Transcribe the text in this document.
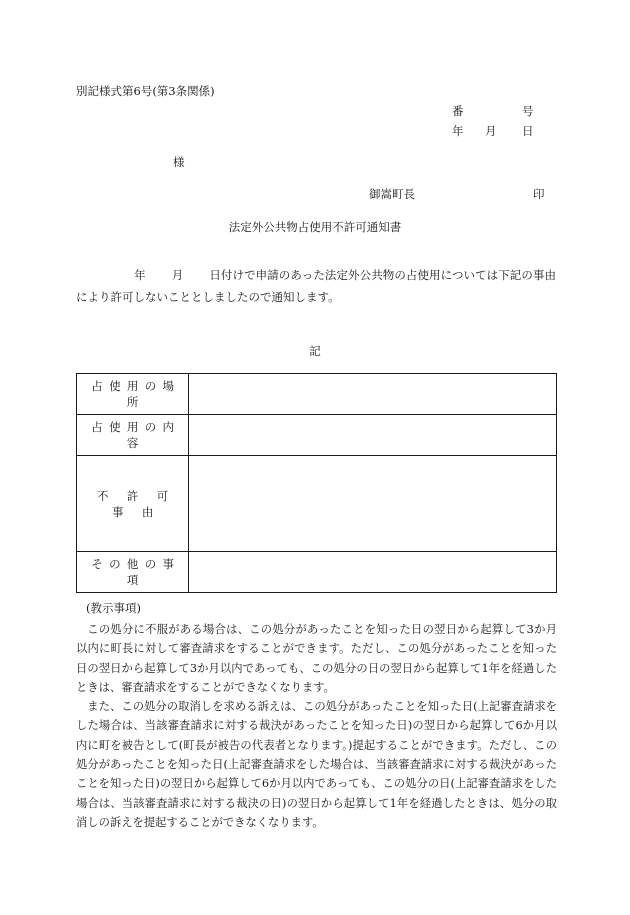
別記様式第6号(第3条関係)
番	号
年 月 日
様
御嵩町長	印
法定外公共物占使用不許可通知書
年 月 日付けで申請のあった法定外公共物の占使用については下記の事由により許可しないこととしましたので通知します。
記
占使用の場所	
占使用の内容	
不許可事由	
その他の事項	
(教示事項)

この処分に不服がある場合は、この処分があったことを知った日の翌日から起算して3か月以内に町長に対して審査請求をすることができます。ただし、この処分があったことを知った日の翌日から起算して3か月以内であっても、この処分の日の翌日から起算して1年を経過したときは、審査請求をすることができなくなります。

また、この処分の取消しを求める訴えは、この処分があったことを知った日(上記審査請求をした場合は、当該審査請求に対する裁決があったことを知った日)の翌日から起算して6か月以内に町を被告として(町長が被告の代表者となります。)提起することができます。ただし、この処分があったことを知った日(上記審査請求をした場合は、当該審査請求に対する裁決があったことを知った日)の翌日から起算して6か月以内であっても、この処分の日(上記審査請求をした場合は、当該審査請求に対する裁決の日)の翌日から起算して1年を経過したときは、処分の取消しの訴えを提起することができなくなります。
